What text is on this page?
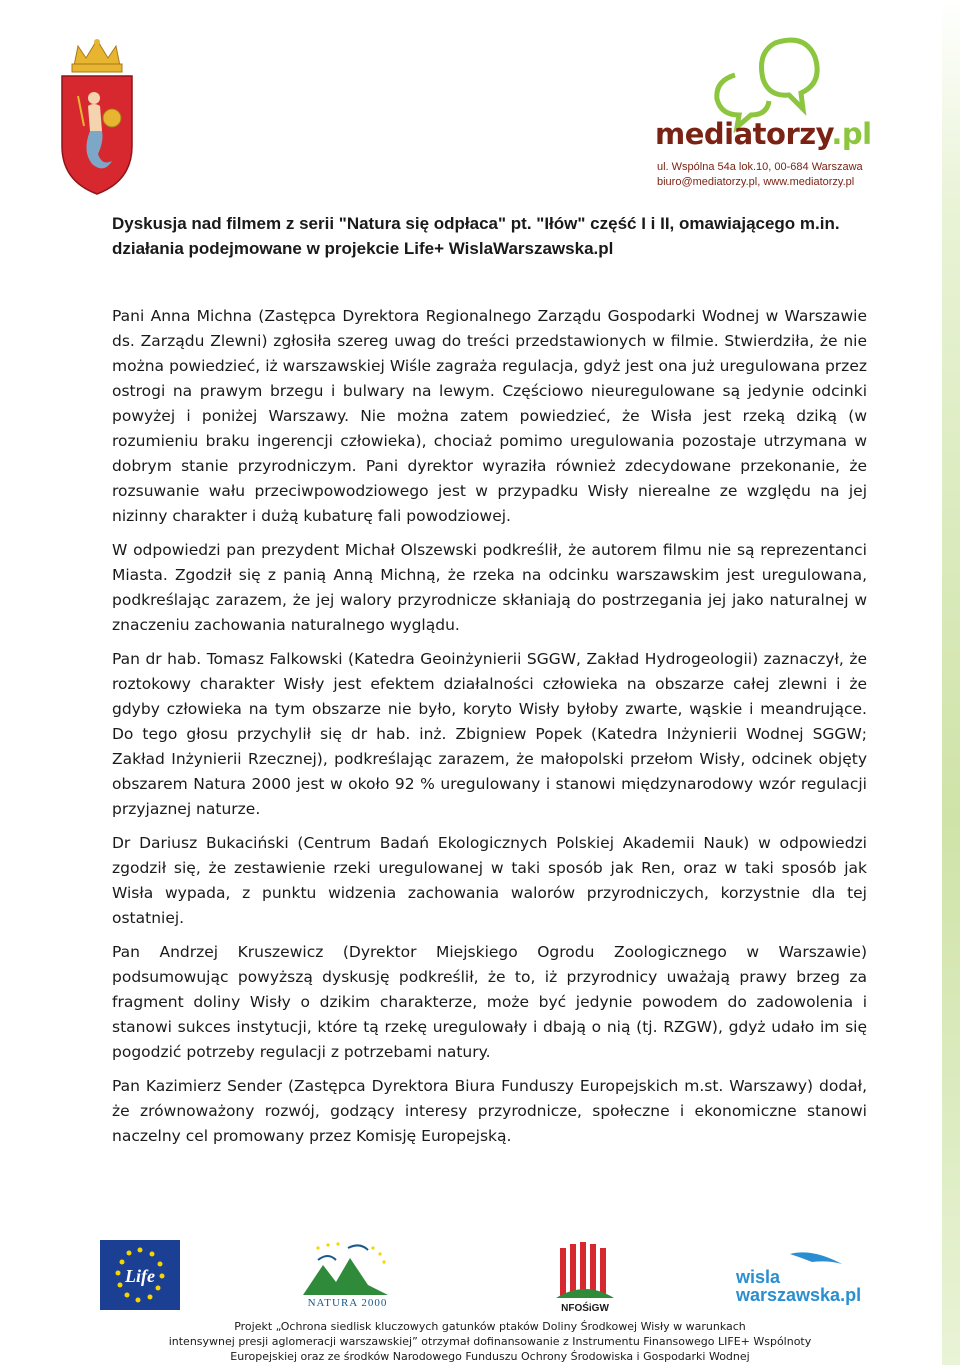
mediatorzy.pl
ul. Wspólna 54a lok.10, 00-684 Warszawa
biuro@mediatorzy.pl, www.mediatorzy.pl
Dyskusja nad filmem z serii "Natura się odpłaca" pt. "Iłów" część I i II, omawiającego m.in. działania podejmowane w projekcie Life+ WislaWarszawska.pl

Pani Anna Michna (Zastępca Dyrektora Regionalnego Zarządu Gospodarki Wodnej w Warszawie ds. Zarządu Zlewni) zgłosiła szereg uwag do treści przedstawionych w filmie. Stwierdziła, że nie można powiedzieć, iż warszawskiej Wiśle zagraża regulacja, gdyż jest ona już uregulowana przez ostrogi na prawym brzegu i bulwary na lewym. Częściowo nieuregulowane są jedynie odcinki powyżej i poniżej Warszawy. Nie można zatem powiedzieć, że Wisła jest rzeką dziką (w rozumieniu braku ingerencji człowieka), chociaż pomimo uregulowania pozostaje utrzymana w dobrym stanie przyrodniczym. Pani dyrektor wyraziła również zdecydowane przekonanie, że rozsuwanie wału przeciwpowodziowego jest w przypadku Wisły nierealne ze względu na jej nizinny charakter i dużą kubaturę fali powodziowej.

W odpowiedzi pan prezydent Michał Olszewski podkreślił, że autorem filmu nie są reprezentanci Miasta. Zgodził się z panią Anną Michną, że rzeka na odcinku warszawskim jest uregulowana, podkreślając zarazem, że jej walory przyrodnicze skłaniają do postrzegania jej jako naturalnej w znaczeniu zachowania naturalnego wyglądu.

Pan dr hab. Tomasz Falkowski (Katedra Geoinżynierii SGGW, Zakład Hydrogeologii) zaznaczył, że roztokowy charakter Wisły jest efektem działalności człowieka na obszarze całej zlewni i że gdyby człowieka na tym obszarze nie było, koryto Wisły byłoby zwarte, wąskie i meandrujące. Do tego głosu przychylił się dr hab. inż. Zbigniew Popek (Katedra Inżynierii Wodnej SGGW; Zakład Inżynierii Rzecznej), podkreślając zarazem, że małopolski przełom Wisły, odcinek objęty obszarem Natura 2000 jest w około 92 % uregulowany i stanowi międzynarodowy wzór regulacji przyjaznej naturze.

Dr Dariusz Bukaciński (Centrum Badań Ekologicznych Polskiej Akademii Nauk) w odpowiedzi zgodził się, że zestawienie rzeki uregulowanej w taki sposób jak Ren, oraz w taki sposób jak Wisła wypada, z punktu widzenia zachowania walorów przyrodniczych, korzystnie dla tej ostatniej.

Pan Andrzej Kruszewicz (Dyrektor Miejskiego Ogrodu Zoologicznego w Warszawie) podsumowując powyższą dyskusję podkreślił, że to, iż przyrodnicy uważają prawy brzeg za fragment doliny Wisły o dzikim charakterze, może być jedynie powodem do zadowolenia i stanowi sukces instytucji, które tą rzekę uregulowały i dbają o nią (tj. RZGW), gdyż udało im się pogodzić potrzeby regulacji z potrzebami natury.

Pan Kazimierz Sender (Zastępca Dyrektora Biura Funduszy Europejskich m.st. Warszawy) dodał, że zrównoważony rozwój, godzący interesy przyrodnicze, społeczne i ekonomiczne stanowi naczelny cel promowany przez Komisję Europejską.

Life
NATURA 2000	NFOŚiGW
wisla
warszawska.pl
Projekt „Ochrona siedlisk kluczowych gatunków ptaków Doliny Środkowej Wisły w warunkach
intensywnej presji aglomeracji warszawskiej” otrzymał dofinansowanie z Instrumentu Finansowego LIFE+ Wspólnoty
Europejskiej oraz ze środków Narodowego Funduszu Ochrony Środowiska i Gospodarki Wodnej
